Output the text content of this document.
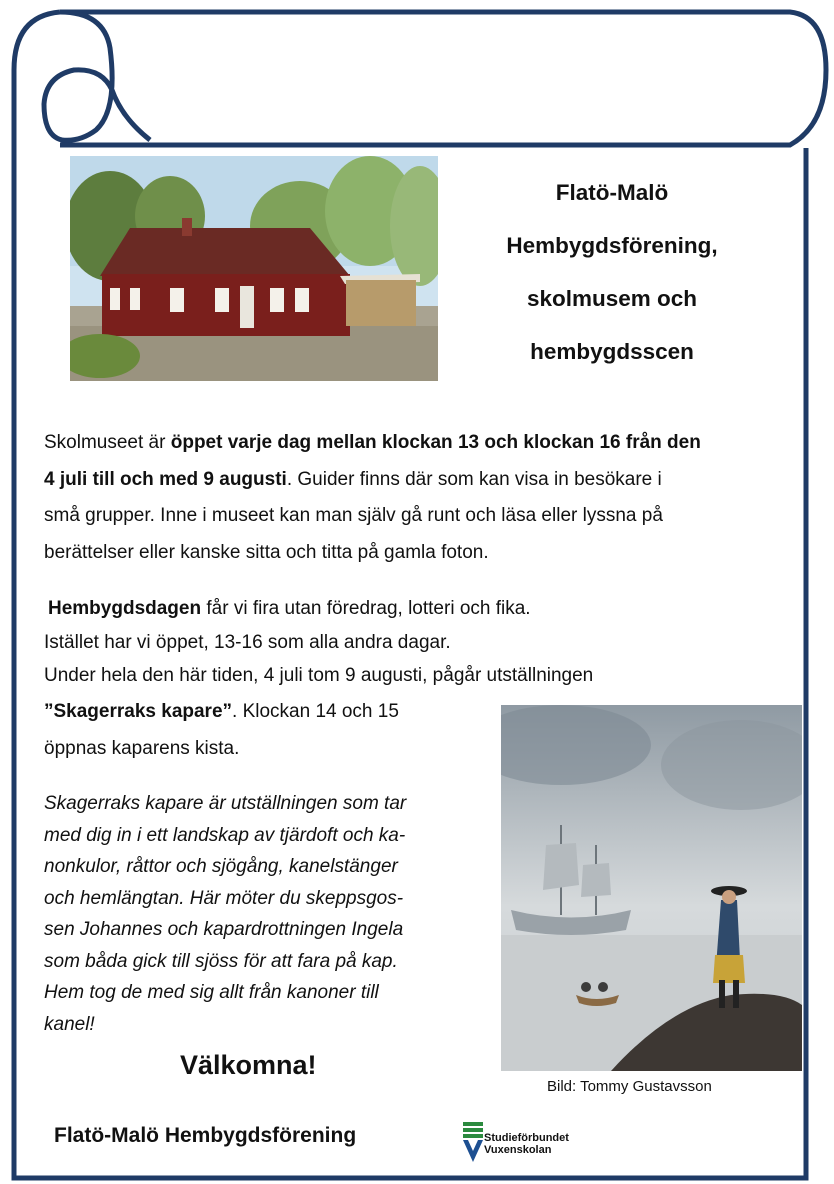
Flatö-Malö
Hembygdsförening,
skolmusem och
hembygdsscen
Skolmuseet är öppet varje dag mellan klockan 13 och klockan 16 från den
4 juli till och med 9 augusti. Guider finns där som kan visa in besökare i
små grupper. Inne i museet kan man själv gå runt och läsa eller lyssna på
berättelser eller kanske sitta och titta på gamla foton.
Hembygdsdagen får vi fira utan föredrag, lotteri och fika.
Istället har vi öppet, 13-16 som alla andra dagar.
Under hela den här tiden, 4 juli tom 9 augusti, pågår utställningen
”Skagerraks kapare”. Klockan 14 och 15
öppnas kaparens kista.
Skagerraks kapare är utställningen som tar
med dig in i ett landskap av tjärdoft och ka-
nonkulor, råttor och sjögång, kanelstänger
och hemlängtan. Här möter du skeppsgos-
sen Johannes och kapardrottningen Ingela
som båda gick till sjöss för att fara på kap.
Hem tog de med sig allt från kanoner till
kanel!
Bild: Tommy Gustavsson
Välkomna!
Flatö-Malö Hembygdsförening	Studieförbundet
Vuxenskolan
